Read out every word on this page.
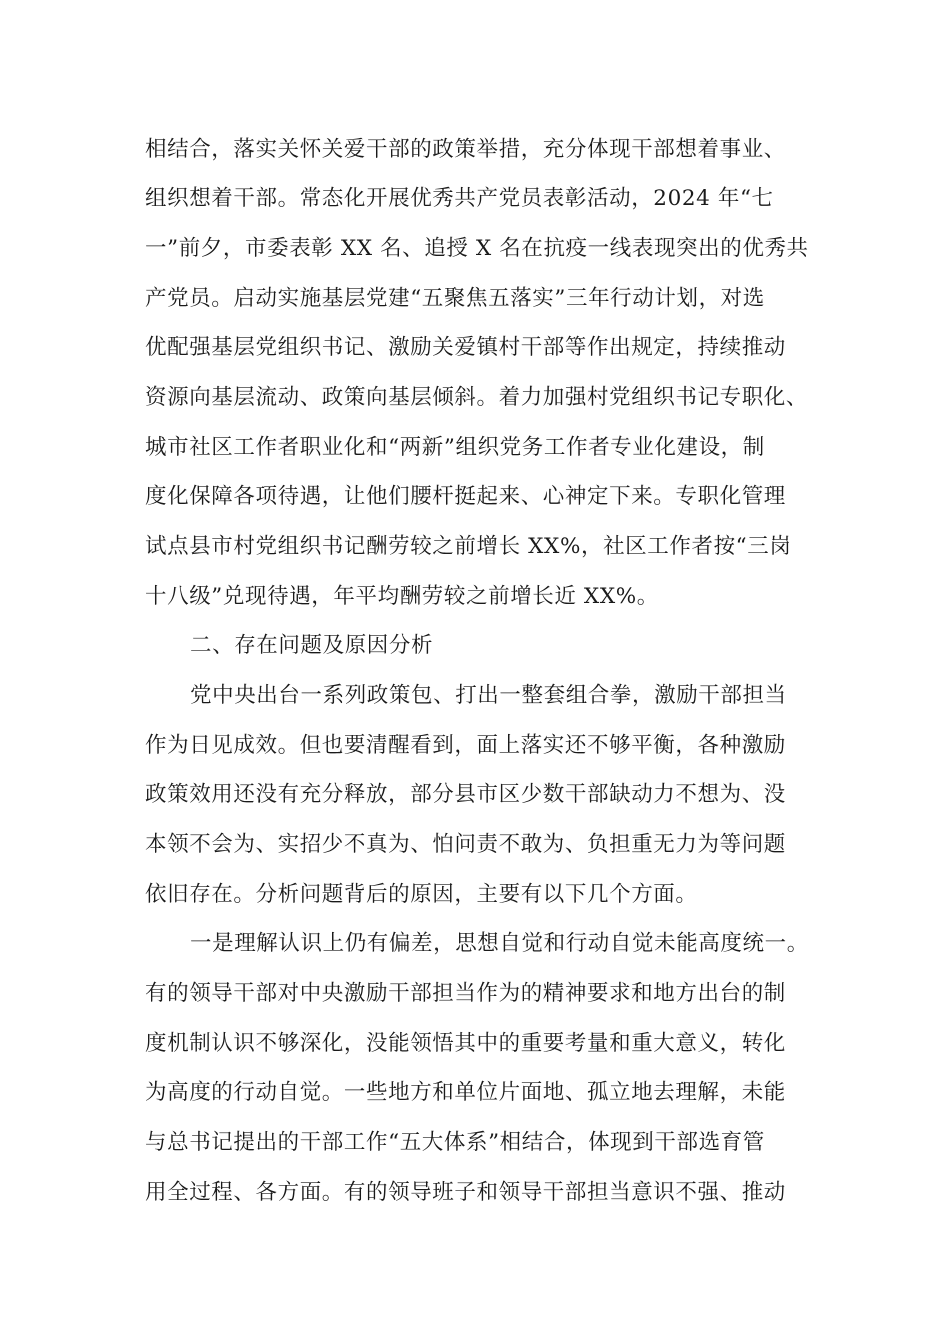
相结合，落实关怀关爱干部的政策举措，充分体现干部想着事业、
组织想着干部。常态化开展优秀共产党员表彰活动，2024 年“七
一”前夕，市委表彰 XX 名、追授 X 名在抗疫一线表现突出的优秀共
产党员。启动实施基层党建“五聚焦五落实”三年行动计划，对选
优配强基层党组织书记、激励关爱镇村干部等作出规定，持续推动
资源向基层流动、政策向基层倾斜。着力加强村党组织书记专职化、
城市社区工作者职业化和“两新”组织党务工作者专业化建设，制
度化保障各项待遇，让他们腰杆挺起来、心神定下来。专职化管理
试点县市村党组织书记酬劳较之前增长 XX%，社区工作者按“三岗
十八级”兑现待遇，年平均酬劳较之前增长近 XX%。
二、存在问题及原因分析
党中央出台一系列政策包、打出一整套组合拳，激励干部担当
作为日见成效。但也要清醒看到，面上落实还不够平衡，各种激励
政策效用还没有充分释放，部分县市区少数干部缺动力不想为、没
本领不会为、实招少不真为、怕问责不敢为、负担重无力为等问题
依旧存在。分析问题背后的原因，主要有以下几个方面。
一是理解认识上仍有偏差，思想自觉和行动自觉未能高度统一。
有的领导干部对中央激励干部担当作为的精神要求和地方出台的制
度机制认识不够深化，没能领悟其中的重要考量和重大意义，转化
为高度的行动自觉。一些地方和单位片面地、孤立地去理解，未能
与总书记提出的干部工作“五大体系”相结合，体现到干部选育管
用全过程、各方面。有的领导班子和领导干部担当意识不强、推动
